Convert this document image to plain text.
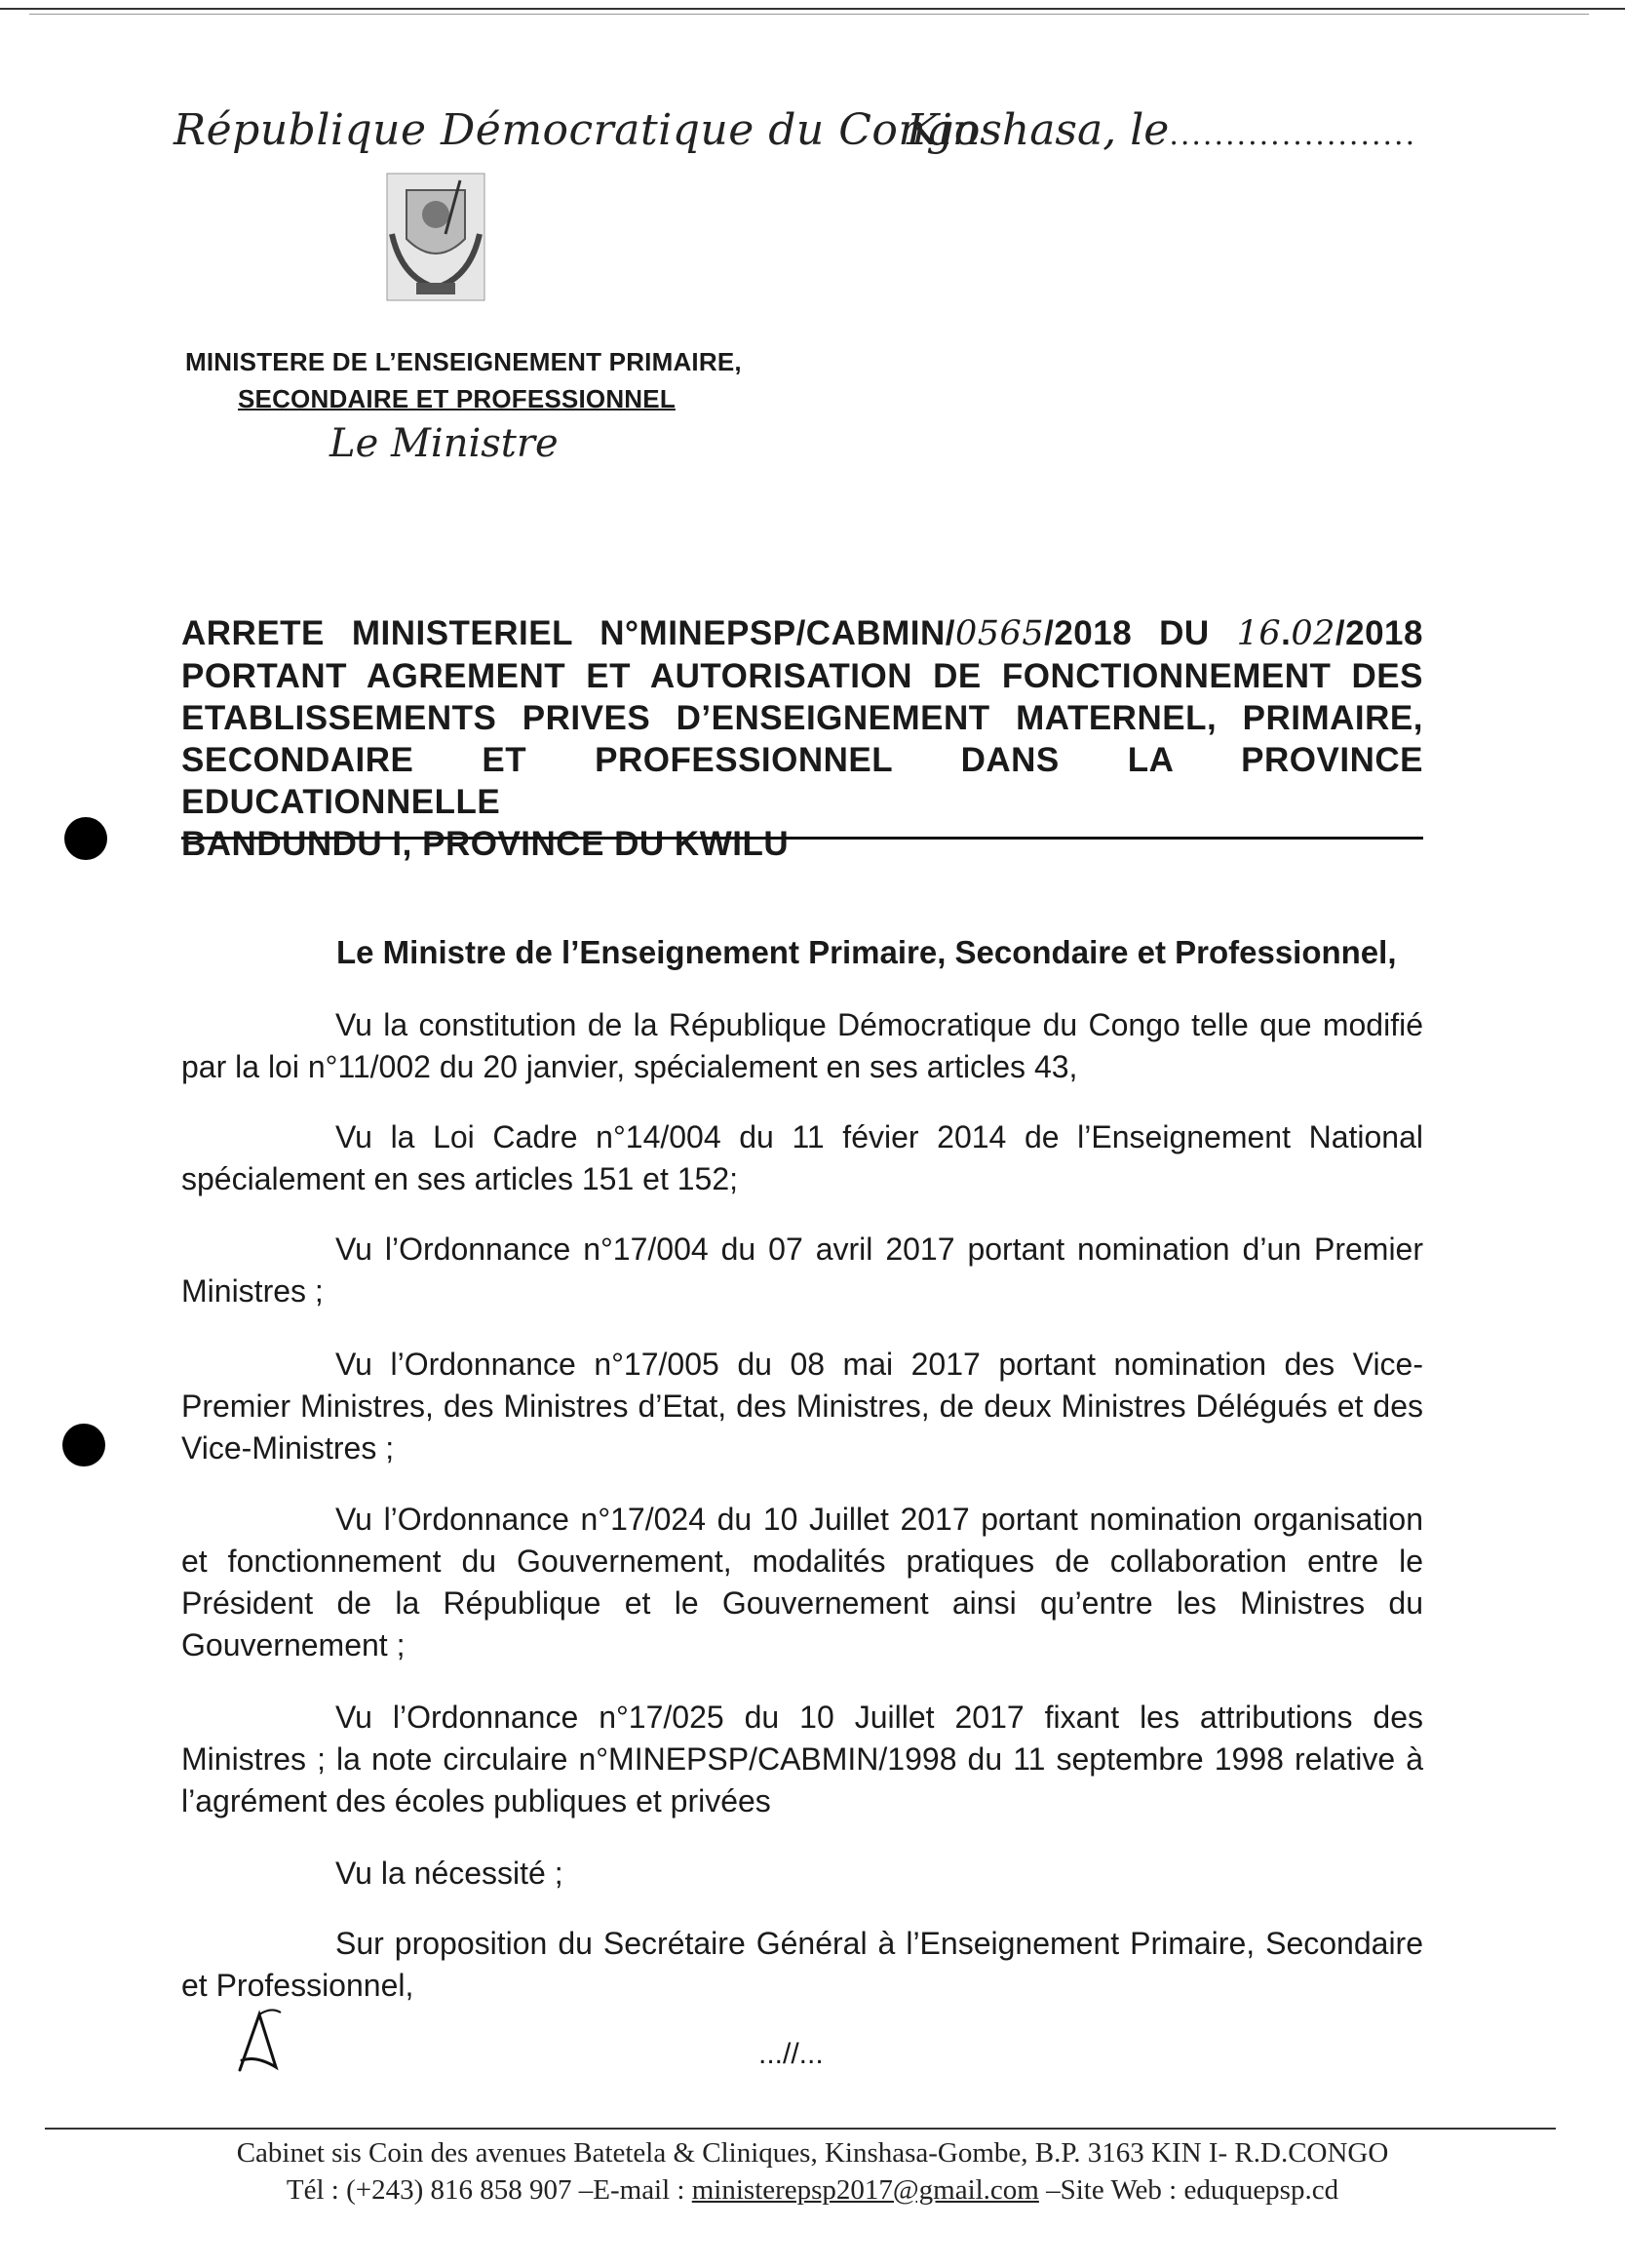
République Démocratique du Congo
Kinshasa, le......................
MINISTERE DE L’ENSEIGNEMENT PRIMAIRE,
SECONDAIRE ET PROFESSIONNEL
Le Ministre
ARRETE MINISTERIEL N°MINEPSP/CABMIN/0565/2018 DU 16.02/2018
PORTANT AGREMENT ET AUTORISATION DE FONCTIONNEMENT DES
ETABLISSEMENTS PRIVES D’ENSEIGNEMENT MATERNEL, PRIMAIRE,
SECONDAIRE ET PROFESSIONNEL DANS LA PROVINCE EDUCATIONNELLE
BANDUNDU I, PROVINCE DU KWILU
Le Ministre de l’Enseignement Primaire, Secondaire et Professionnel,
Vu la constitution de la République Démocratique du Congo telle que modifié par la loi n°11/002 du 20 janvier, spécialement en ses articles 43,
Vu la Loi Cadre n°14/004 du 11 févier 2014 de l’Enseignement National spécialement en ses articles 151 et 152;
Vu l’Ordonnance n°17/004 du 07 avril 2017 portant nomination d’un Premier Ministres ;
Vu l’Ordonnance n°17/005 du 08 mai 2017 portant nomination des Vice-Premier Ministres, des Ministres d’Etat, des Ministres, de deux Ministres Délégués et des Vice-Ministres ;
Vu l’Ordonnance n°17/024 du 10 Juillet 2017 portant nomination organisation et fonctionnement du Gouvernement, modalités pratiques de collaboration entre le Président de la République et le Gouvernement ainsi qu’entre les Ministres du Gouvernement ;
Vu l’Ordonnance n°17/025 du 10 Juillet 2017 fixant les attributions des Ministres ; la note circulaire n°MINEPSP/CABMIN/1998 du 11 septembre 1998 relative à l’agrément des écoles publiques et privées
Vu la nécessité ;
Sur proposition du Secrétaire Général à l’Enseignement Primaire, Secondaire et Professionnel,
...//...
Cabinet sis Coin des avenues Batetela & Cliniques, Kinshasa-Gombe, B.P. 3163 KIN I- R.D.CONGO
Tél : (+243) 816 858 907 –E-mail : ministerepsp2017@gmail.com –Site Web : eduquepsp.cd
